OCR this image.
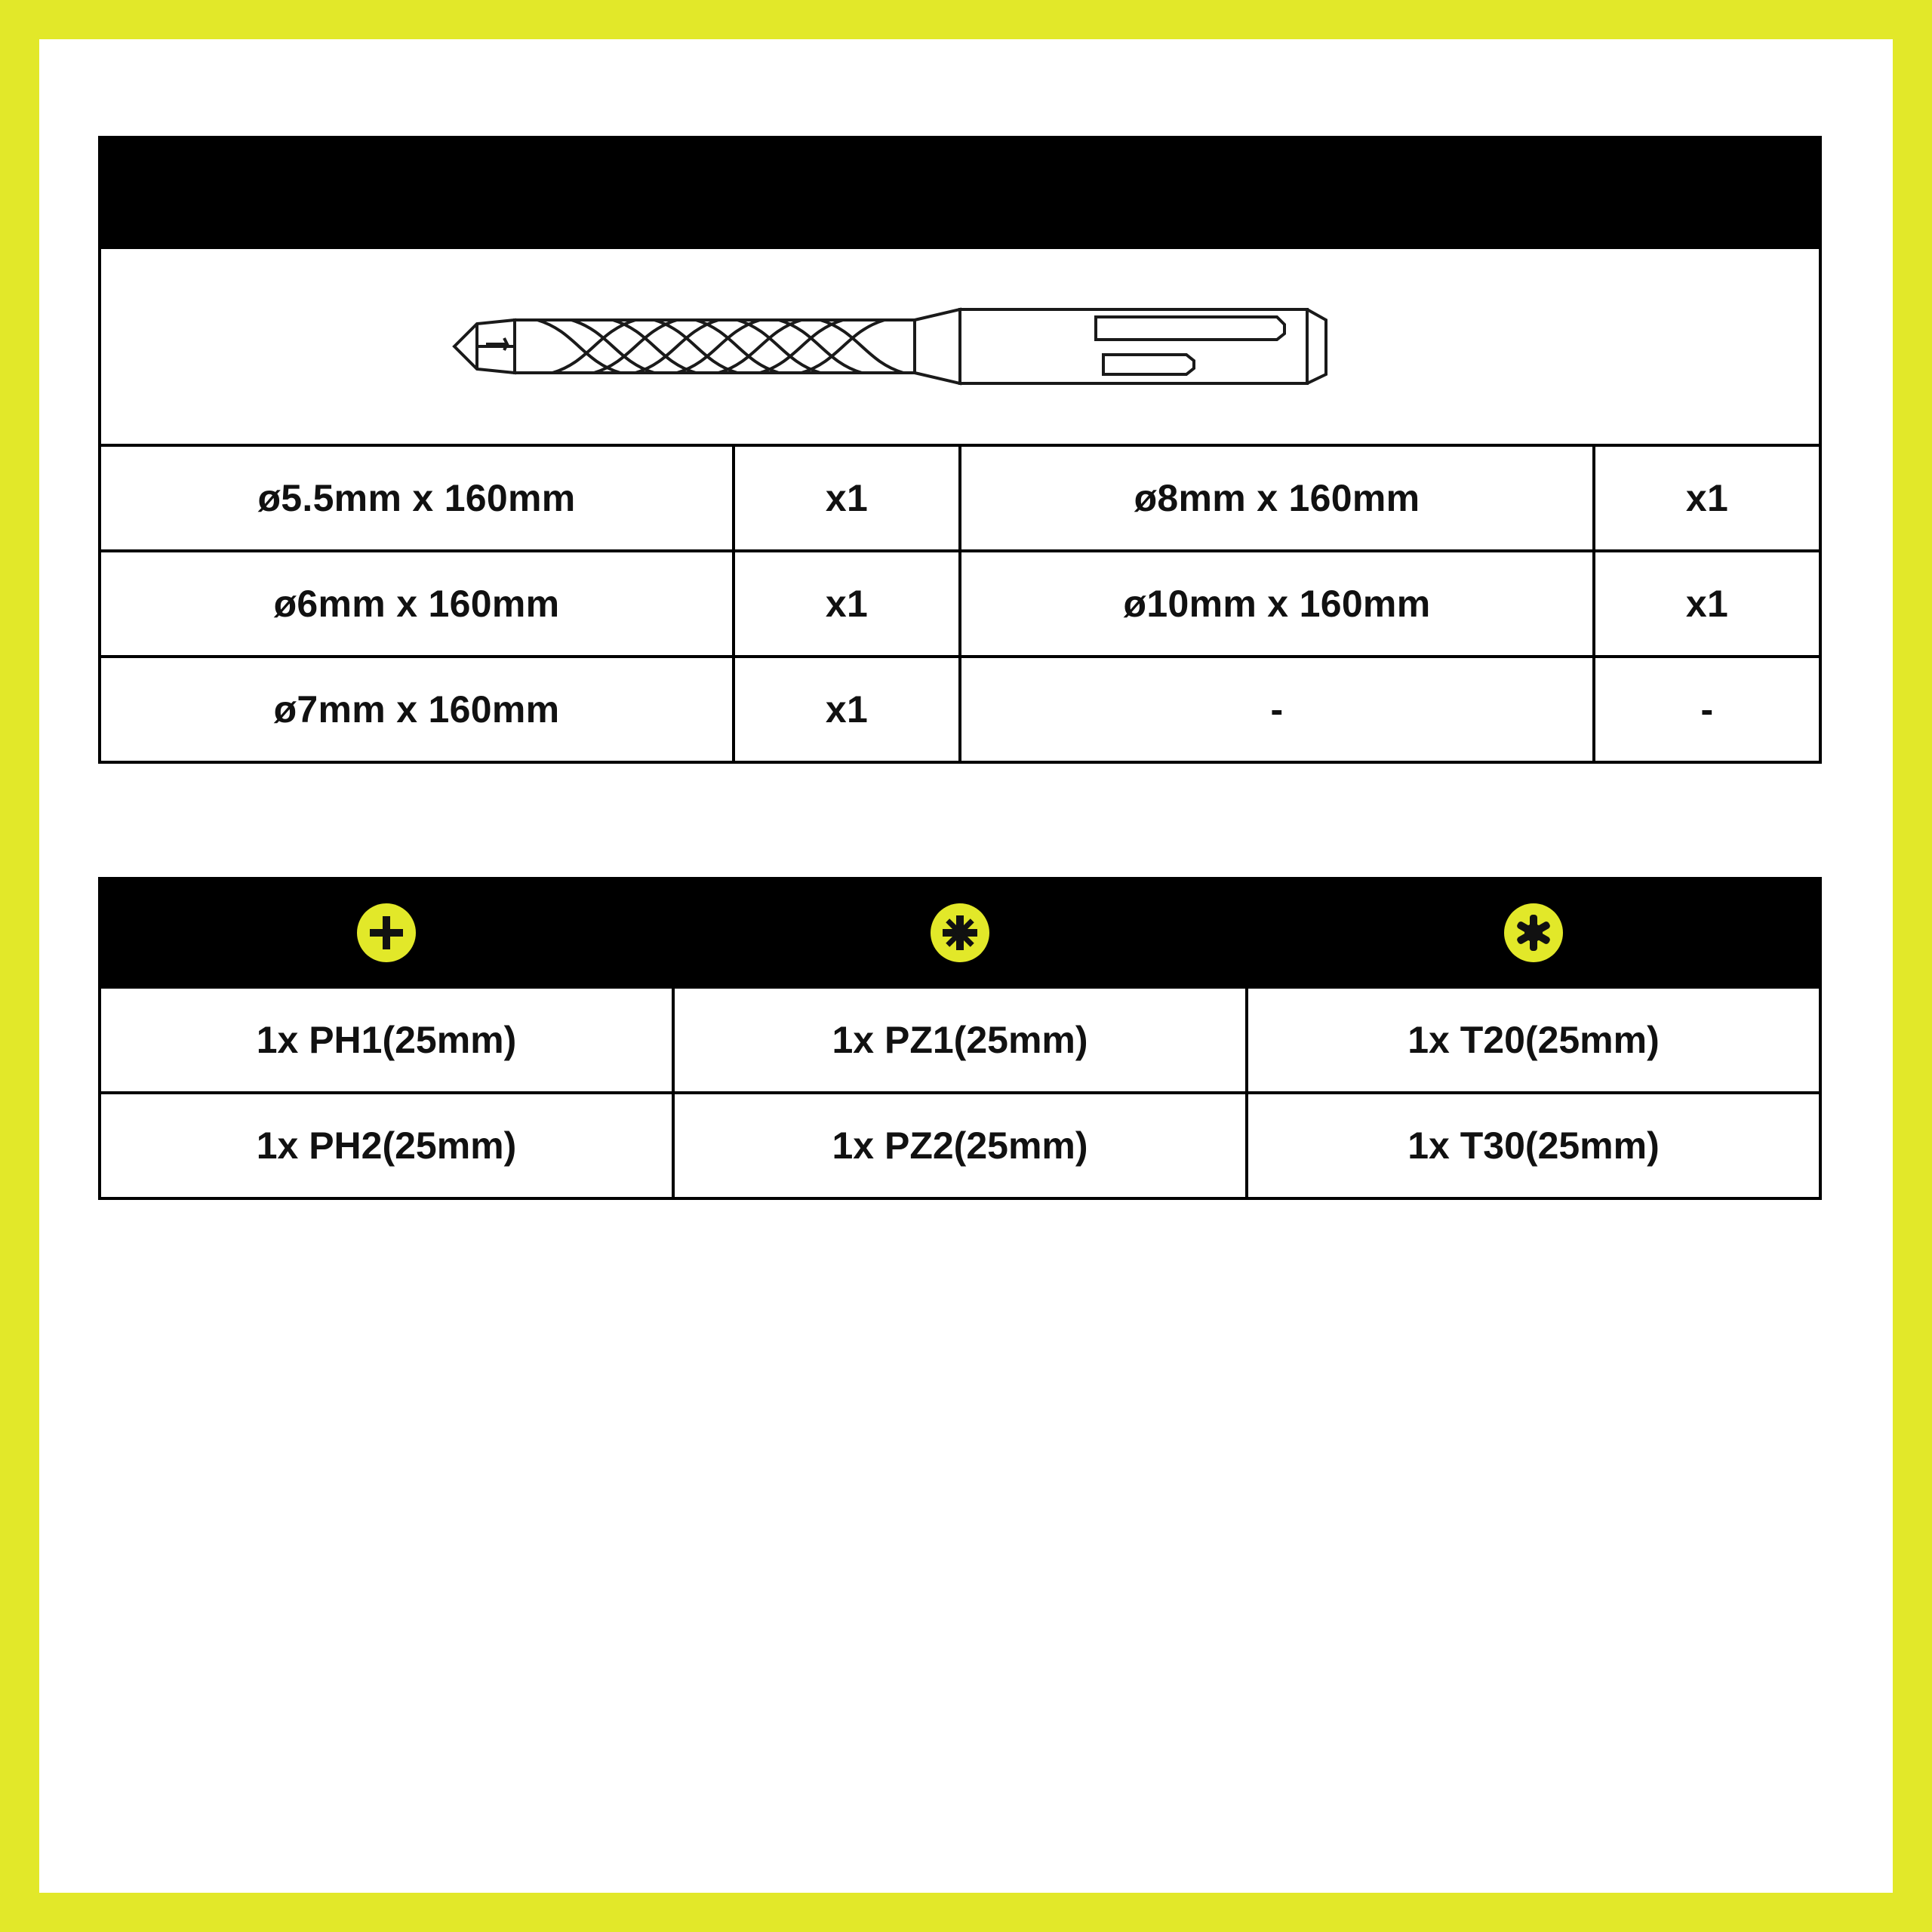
ø5.5mm x 160mm	x1	ø8mm x 160mm	x1
ø6mm x 160mm	x1	ø10mm x 160mm	x1
ø7mm x 160mm	x1	-	-

1x PH1(25mm)	1x PZ1(25mm)	1x T20(25mm)
1x PH2(25mm)	1x PZ2(25mm)	1x T30(25mm)
